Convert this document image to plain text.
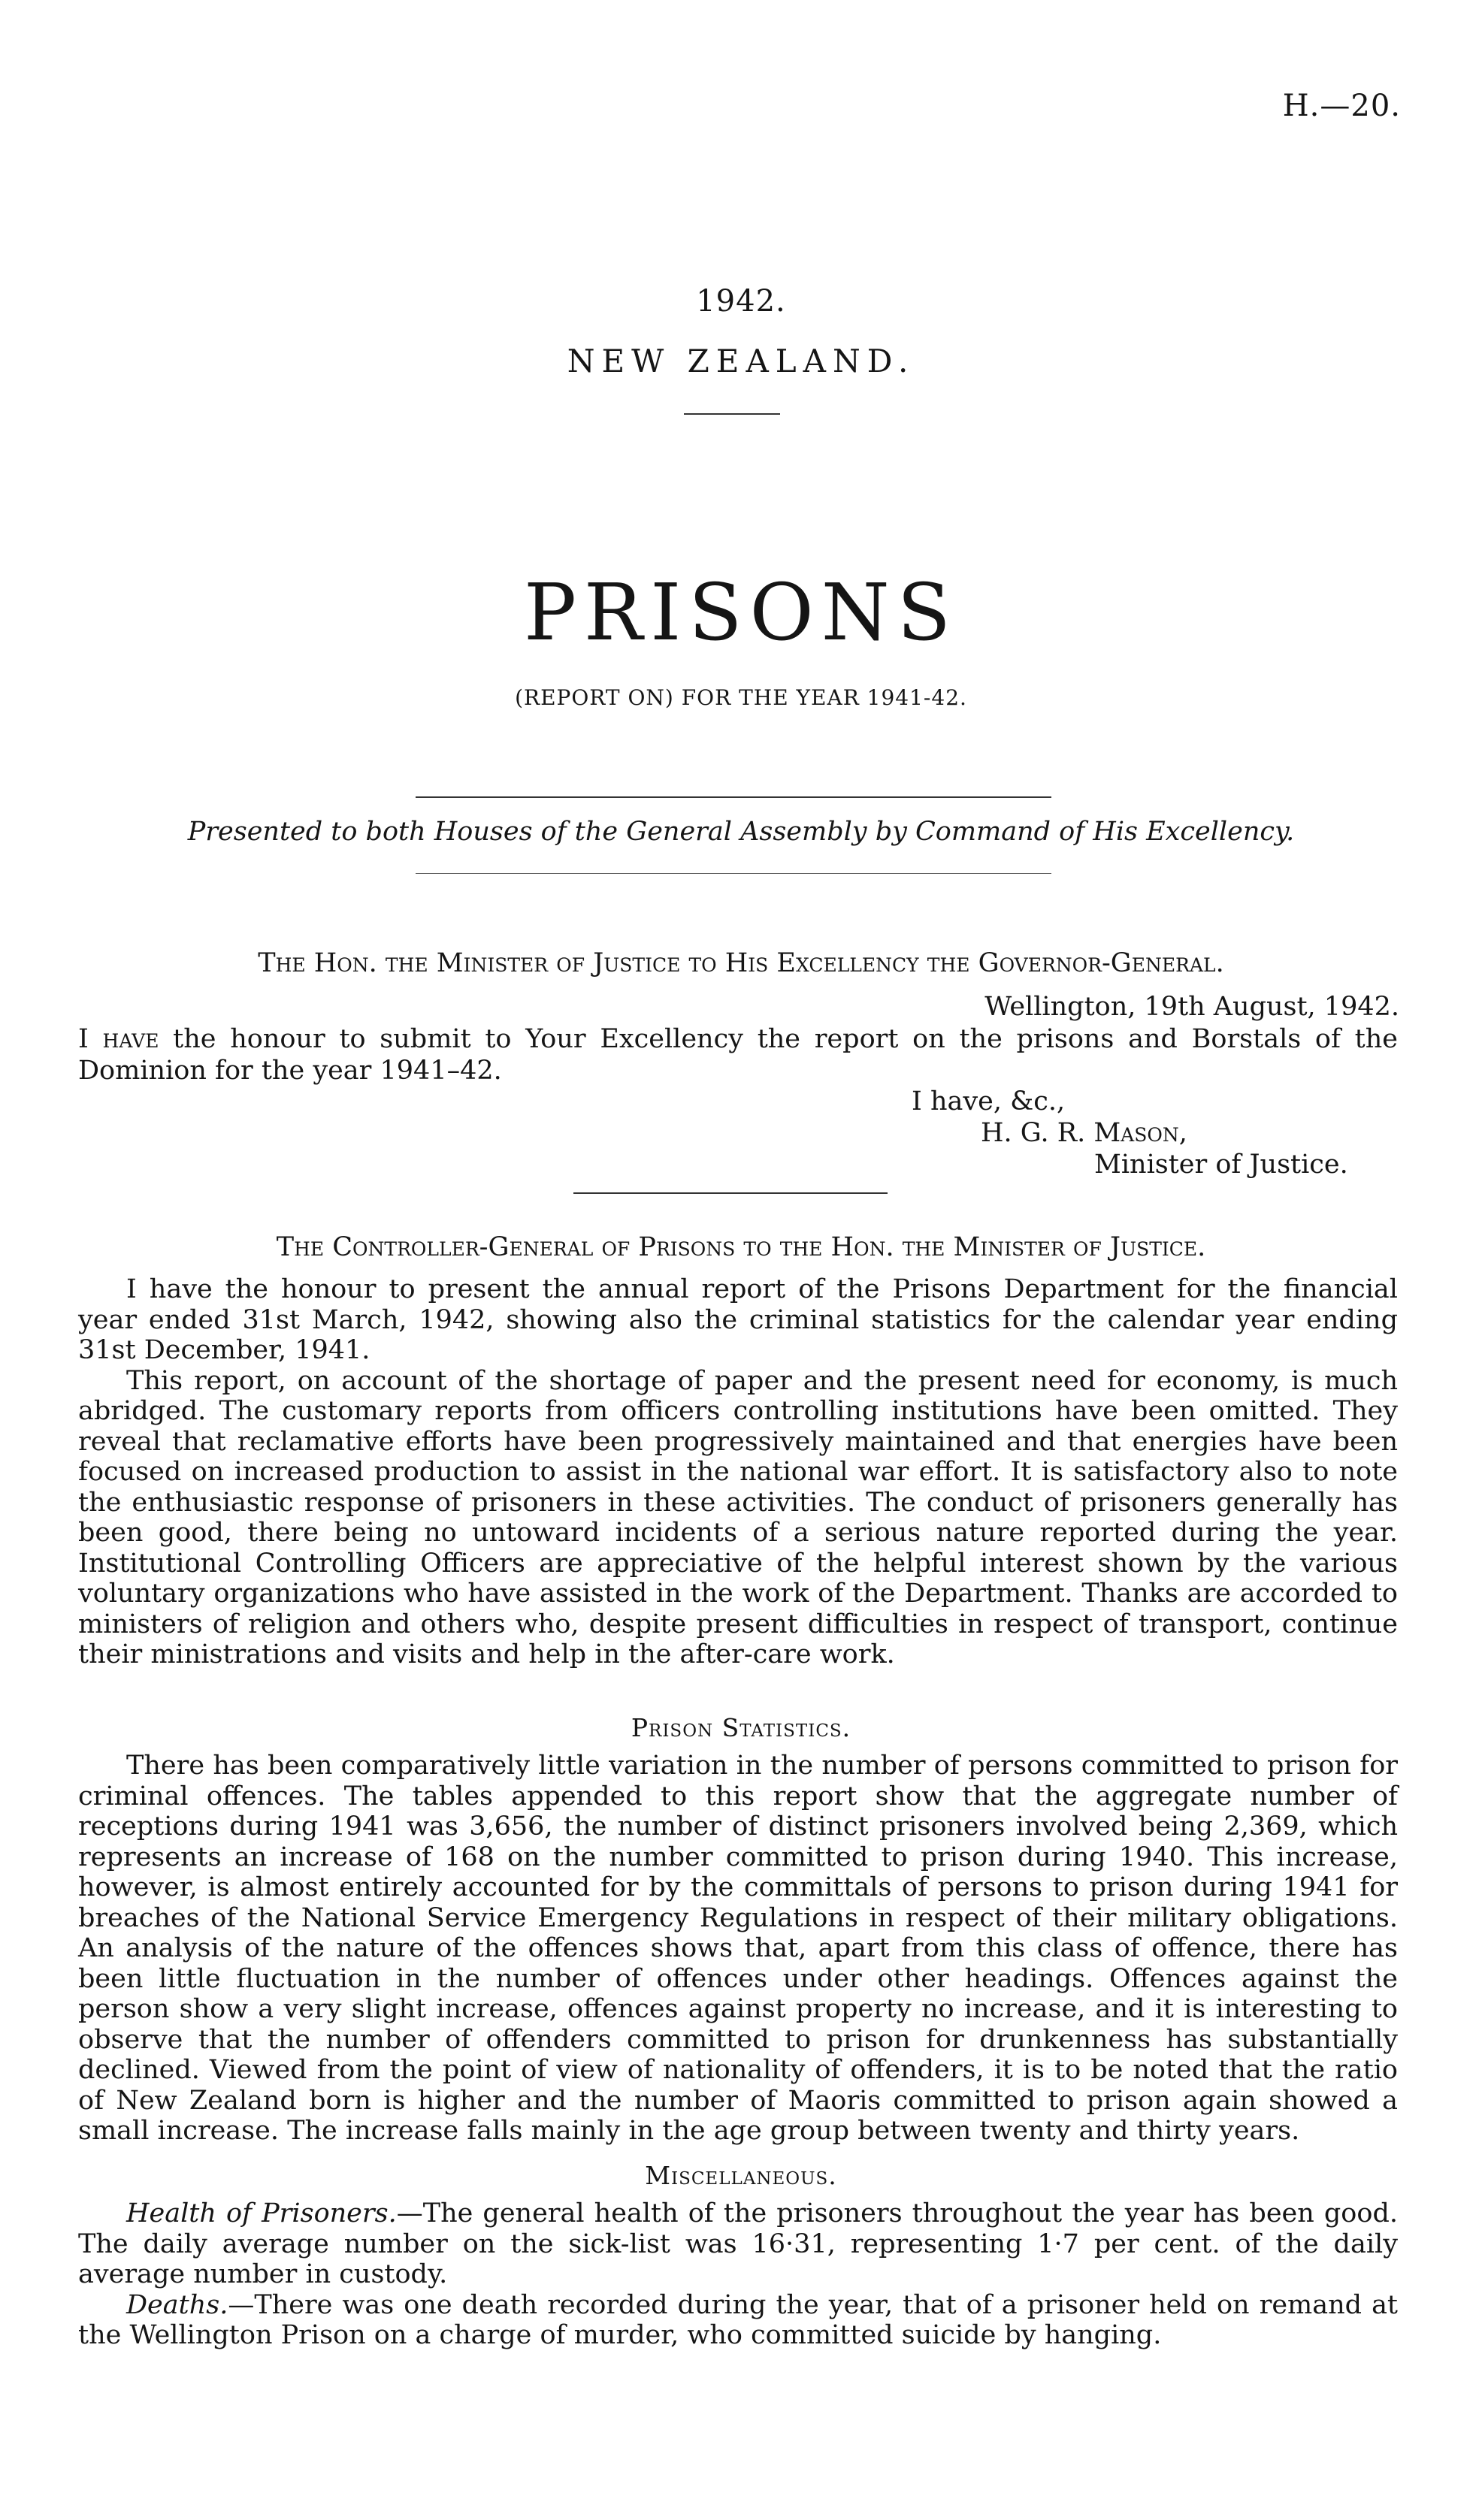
H.—20.
1942.
NEW ZEALAND.
PRISONS
(REPORT ON) FOR THE YEAR 1941-42.
Presented to both Houses of the General Assembly by Command of His Excellency.
The Hon. the Minister of Justice to His Excellency the Governor-General.
Wellington, 19th August, 1942.
I have the honour to submit to Your Excellency the report on the prisons and Borstals of the Dominion for the year 1941–42.
I have, &c.,
H. G. R. Mason,
Minister of Justice.
The Controller-General of Prisons to the Hon. the Minister of Justice.

I have the honour to present the annual report of the Prisons Department for the financial year ended 31st March, 1942, showing also the criminal statistics for the calendar year ending 31st December, 1941.

This report, on account of the shortage of paper and the present need for economy, is much abridged. The customary reports from officers controlling institutions have been omitted. They reveal that reclamative efforts have been progressively maintained and that energies have been focused on increased production to assist in the national war effort. It is satisfactory also to note the enthusiastic response of prisoners in these activities. The conduct of prisoners generally has been good, there being no untoward incidents of a serious nature reported during the year. Institutional Controlling Officers are appreciative of the helpful interest shown by the various voluntary organizations who have assisted in the work of the Department. Thanks are accorded to ministers of religion and others who, despite present difficulties in respect of transport, continue their ministrations and visits and help in the after-care work.

Prison Statistics.

There has been comparatively little variation in the number of persons committed to prison for criminal offences. The tables appended to this report show that the aggregate number of receptions during 1941 was 3,656, the number of distinct prisoners involved being 2,369, which represents an increase of 168 on the number committed to prison during 1940. This increase, however, is almost entirely accounted for by the committals of persons to prison during 1941 for breaches of the National Service Emergency Regulations in respect of their military obligations. An analysis of the nature of the offences shows that, apart from this class of offence, there has been little fluctuation in the number of offences under other headings. Offences against the person show a very slight increase, offences against property no increase, and it is interesting to observe that the number of offenders committed to prison for drunkenness has substantially declined. Viewed from the point of view of nationality of offenders, it is to be noted that the ratio of New Zealand born is higher and the number of Maoris committed to prison again showed a small increase. The increase falls mainly in the age group between twenty and thirty years.

Miscellaneous.

Health of Prisoners.—The general health of the prisoners throughout the year has been good. The daily average number on the sick-list was 16·31, representing 1·7 per cent. of the daily average number in custody.

Deaths.—There was one death recorded during the year, that of a prisoner held on remand at the Wellington Prison on a charge of murder, who committed suicide by hanging.
